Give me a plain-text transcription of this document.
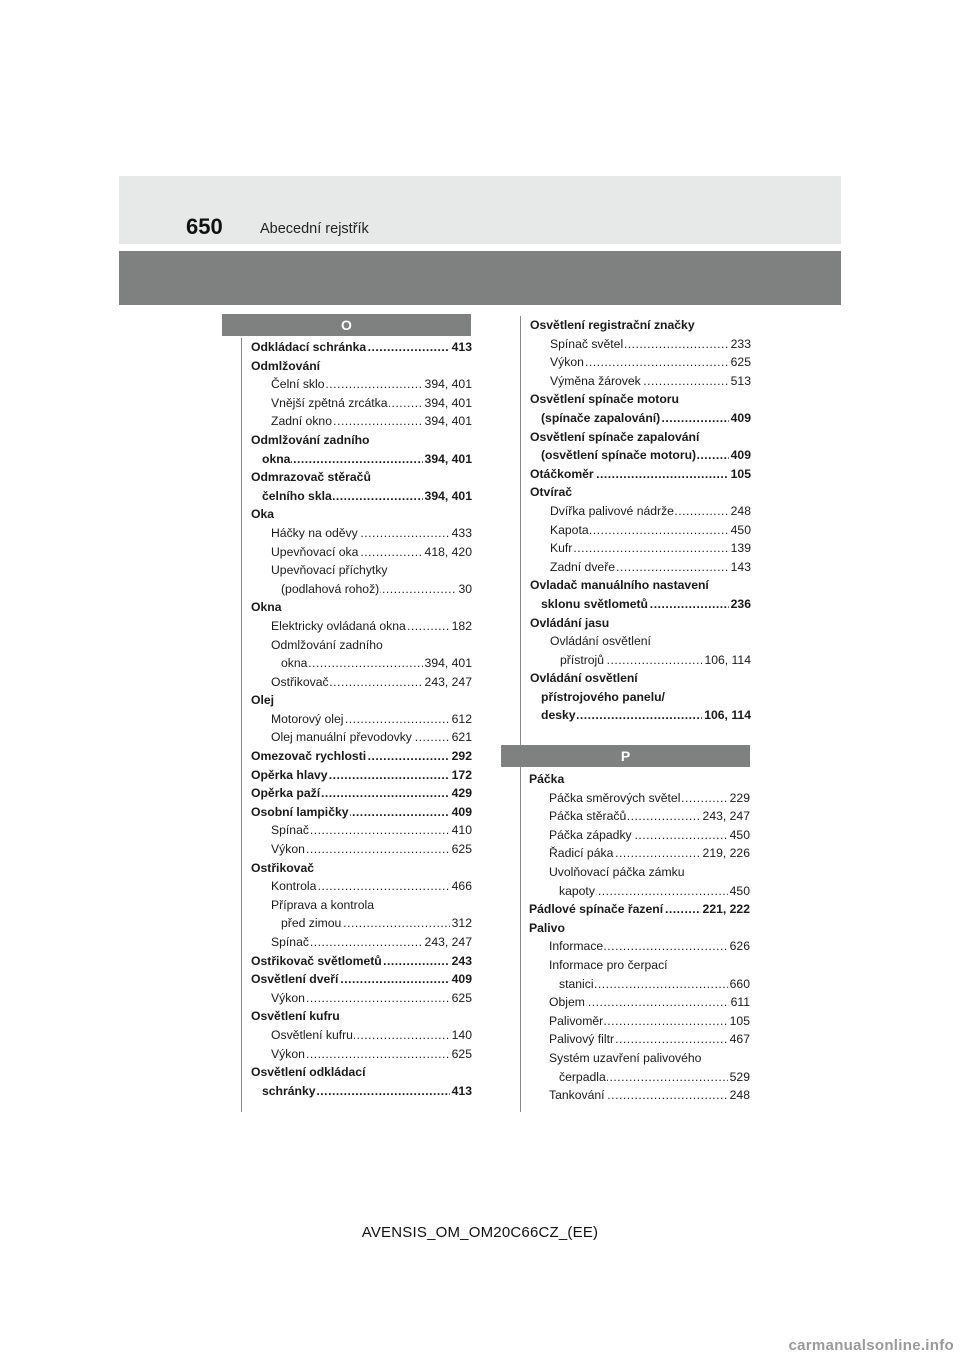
650	Abecední rejstřík
O
Odkládací schránka	413
.....
Odmlžování
Čelní sklo	394, 401
.....
Vnější zpětná zrcátka	394, 401
.....
Zadní okno	394, 401
.....
Odmlžování zadního
okna	394, 401
.....
Odmrazovač stěračů
čelního skla	394, 401
.....
Oka
Háčky na oděvy	433
.....
Upevňovací oka	418, 420
.....
Upevňovací příchytky
(podlahová rohož)	30
.....
Okna
Elektricky ovládaná okna	182
.....
Odmlžování zadního
okna	394, 401
.....
Ostřikovač	243, 247
.....
Olej
Motorový olej	612
.....
Olej manuální převodovky	621
.....
Omezovač rychlosti	292
.....
Opěrka hlavy	172
.....
Opěrka paží	429
.....
Osobní lampičky	409
.....
Spínač	410
.....
Výkon	625
.....
Ostřikovač
Kontrola	466
.....
Příprava a kontrola
před zimou	312
.....
Spínač	243, 247
.....
Ostřikovač světlometů	243
.....
Osvětlení dveří	409
.....
Výkon	625
.....
Osvětlení kufru
Osvětlení kufru	140
.....
Výkon	625
.....
Osvětlení odkládací
schránky	413
.....
Osvětlení registrační značky
Spínač světel	233
.....
Výkon	625
.....
Výměna žárovek	513
.....
Osvětlení spínače motoru
(spínače zapalování)	409
.....
Osvětlení spínače zapalování
(osvětlení spínače motoru)	409
.....
Otáčkoměr	105
.....
Otvírač
Dvířka palivové nádrže	248
.....
Kapota	450
.....
Kufr	139
.....
Zadní dveře	143
.....
Ovladač manuálního nastavení
sklonu světlometů	236
.....
Ovládání jasu
Ovládání osvětlení
přístrojů	106, 114
.....
Ovládání osvětlení
přístrojového panelu/
desky	106, 114
.....
P
Páčka
Páčka směrových světel	229
.....
Páčka stěračů	243, 247
.....
Páčka západky	450
.....
Řadicí páka	219, 226
.....
Uvolňovací páčka zámku
kapoty	450
.....
Pádlové spínače řazení	221, 222
.....
Palivo
Informace	626
.....
Informace pro čerpací
stanici	660
.....
Objem	611
.....
Palivoměr	105
.....
Palivový filtr	467
.....
Systém uzavření palivového
čerpadla	529
.....
Tankování	248
.....
AVENSIS_OM_OM20C66CZ_(EE)
carmanualsonline.info
